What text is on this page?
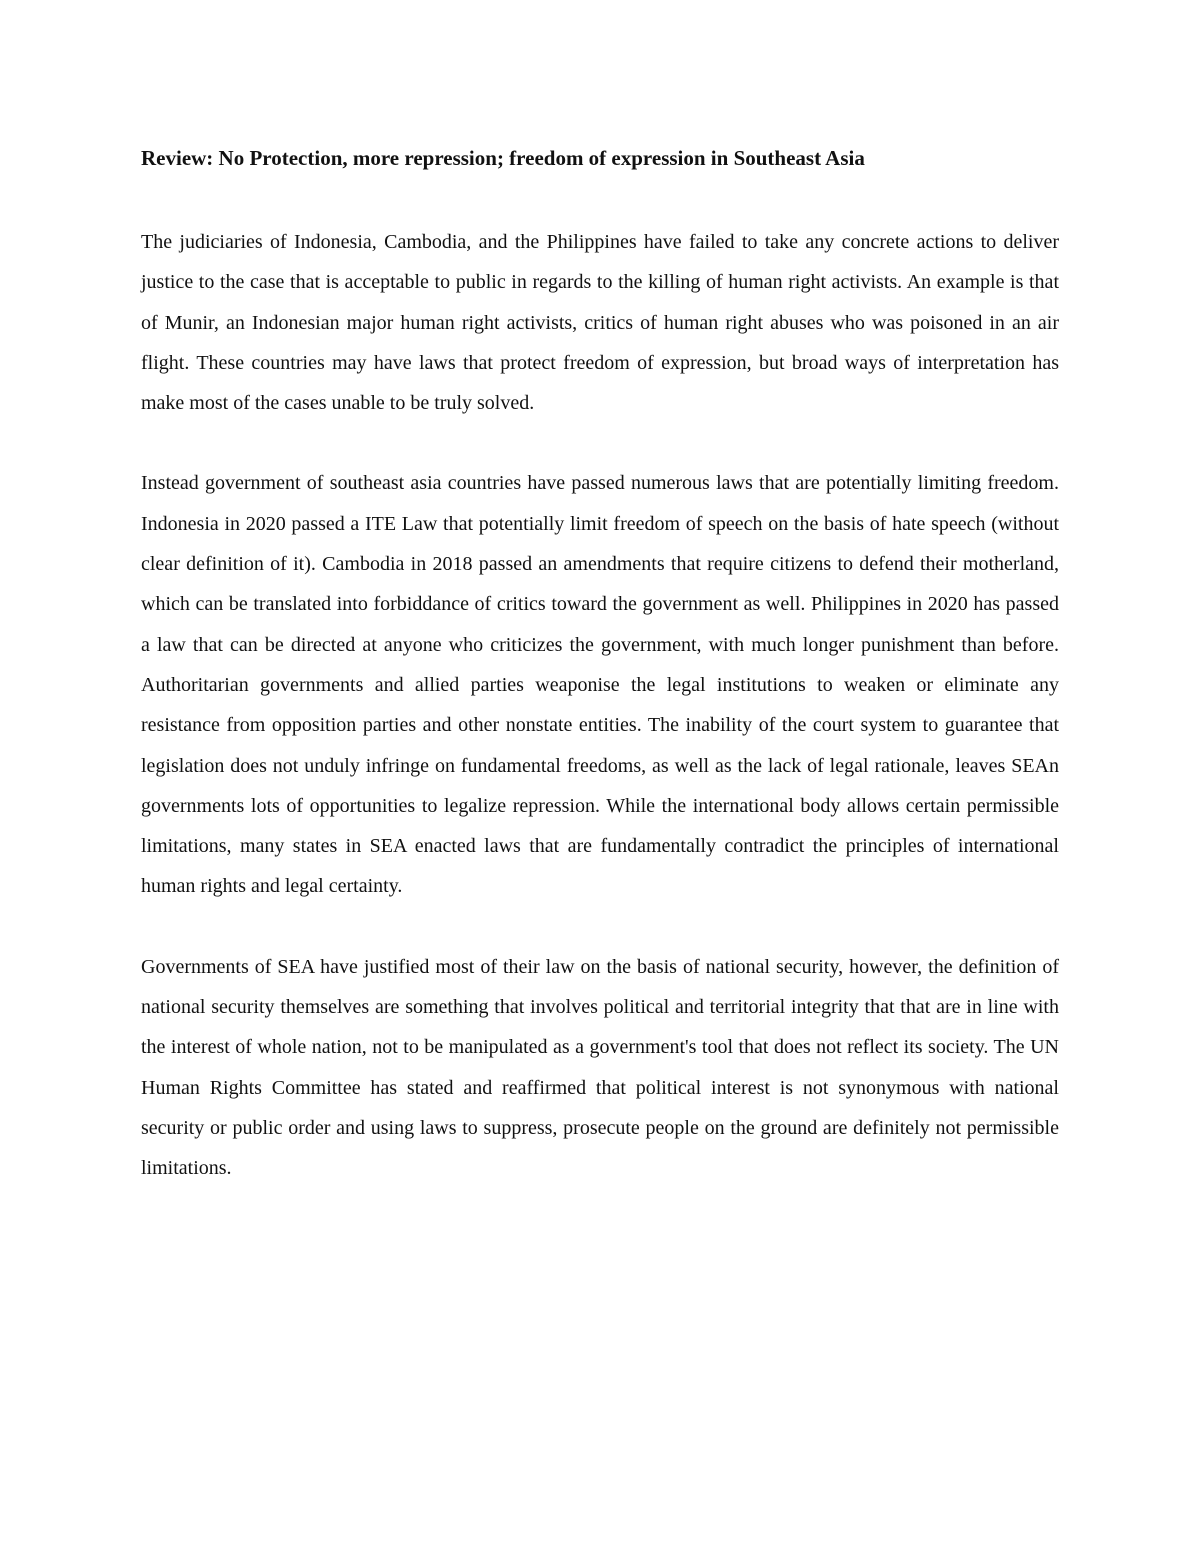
Review: No Protection, more repression; freedom of expression in Southeast Asia

The judiciaries of Indonesia, Cambodia, and the Philippines have failed to take any concrete actions to deliver justice to the case that is acceptable to public in regards to the killing of human right activists. An example is that of Munir, an Indonesian major human right activists, critics of human right abuses who was poisoned in an air flight. These countries may have laws that protect freedom of expression, but broad ways of interpretation has make most of the cases unable to be truly solved.

Instead government of southeast asia countries have passed numerous laws that are potentially limiting freedom. Indonesia in 2020 passed a ITE Law that potentially limit freedom of speech on the basis of hate speech (without clear definition of it). Cambodia in 2018 passed an amendments that require citizens to defend their motherland, which can be translated into forbiddance of critics toward the government as well. Philippines in 2020 has passed a law that can be directed at anyone who criticizes the government, with much longer punishment than before. Authoritarian governments and allied parties weaponise the legal institutions to weaken or eliminate any resistance from opposition parties and other nonstate entities. The inability of the court system to guarantee that legislation does not unduly infringe on fundamental freedoms, as well as the lack of legal rationale, leaves SEAn governments lots of opportunities to legalize repression. While the international body allows certain permissible limitations, many states in SEA enacted laws that are fundamentally contradict the principles of international human rights and legal certainty.

Governments of SEA have justified most of their law on the basis of national security, however, the definition of national security themselves are something that involves political and territorial integrity that that are in line with the interest of whole nation, not to be manipulated as a government's tool that does not reflect its society. The UN Human Rights Committee has stated and reaffirmed that political interest is not synonymous with national security or public order and using laws to suppress, prosecute people on the ground are definitely not permissible limitations.
